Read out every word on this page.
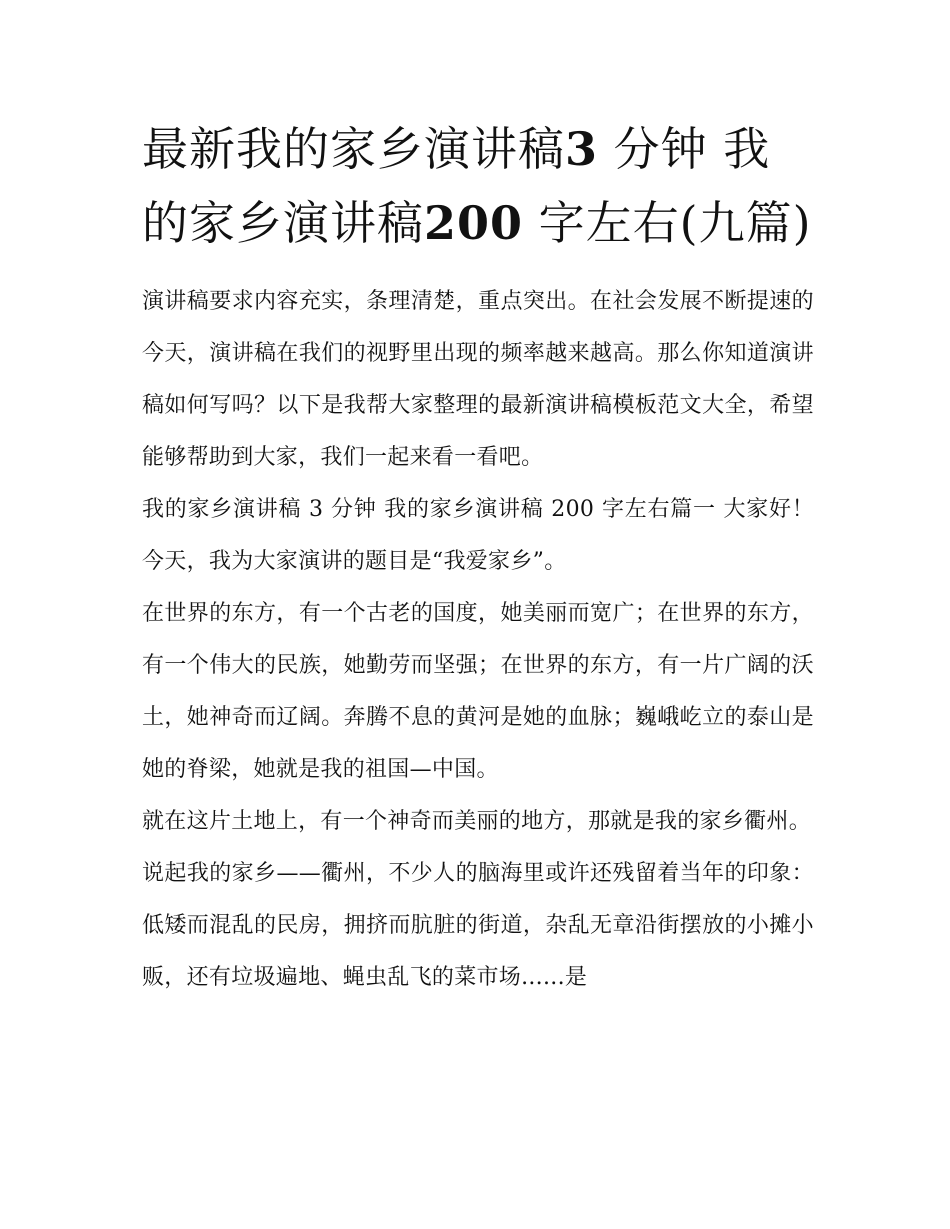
最新我的家乡演讲稿3 分钟 我的家乡演讲稿200 字左右(九篇)

演讲稿要求内容充实，条理清楚，重点突出。在社会发展不断提速的今天，演讲稿在我们的视野里出现的频率越来越高。那么你知道演讲稿如何写吗？以下是我帮大家整理的最新演讲稿模板范文大全，希望能够帮助到大家，我们一起来看一看吧。

我的家乡演讲稿 3 分钟 我的家乡演讲稿 200 字左右篇一 大家好！今天，我为大家演讲的题目是“我爱家乡”。

在世界的东方，有一个古老的国度，她美丽而宽广；在世界的东方，有一个伟大的民族，她勤劳而坚强；在世界的东方，有一片广阔的沃土，她神奇而辽阔。奔腾不息的黄河是她的血脉；巍峨屹立的泰山是她的脊梁，她就是我的祖国—中国。

就在这片土地上，有一个神奇而美丽的地方，那就是我的家乡衢州。

说起我的家乡——衢州，不少人的脑海里或许还残留着当年的印象：低矮而混乱的民房，拥挤而肮脏的街道，杂乱无章沿街摆放的小摊小贩，还有垃圾遍地、蝇虫乱飞的菜市场......是
